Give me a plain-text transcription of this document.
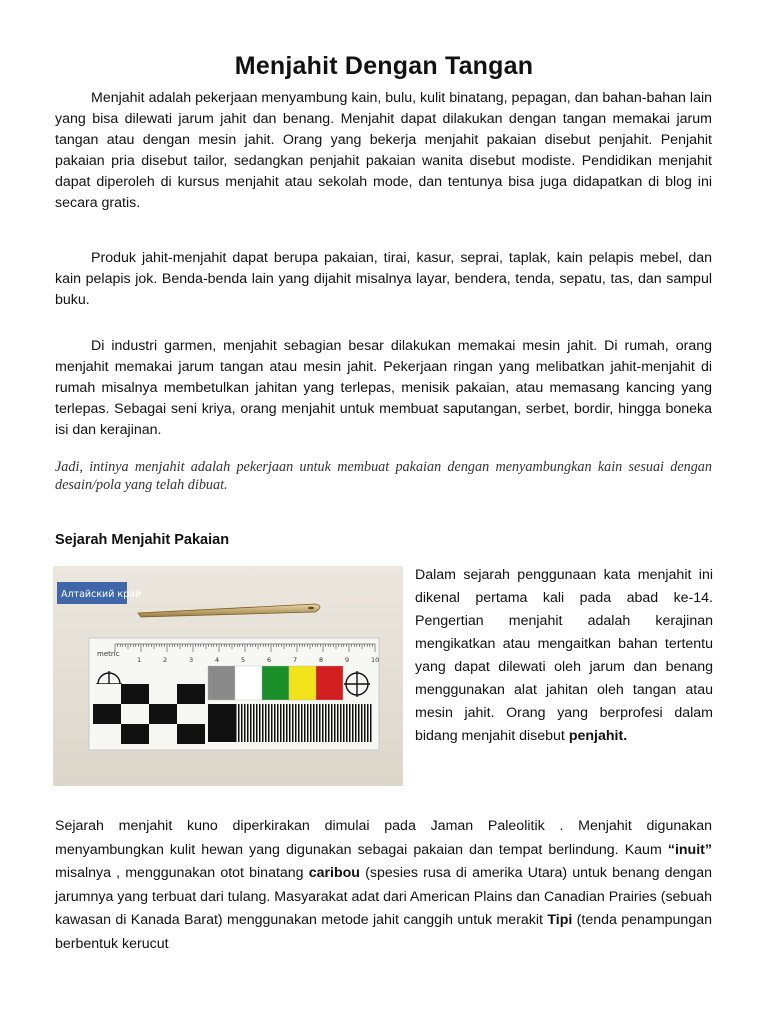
Menjahit Dengan Tangan

Menjahit adalah pekerjaan menyambung kain, bulu, kulit binatang, pepagan, dan bahan-bahan lain yang bisa dilewati jarum jahit dan benang. Menjahit dapat dilakukan dengan tangan memakai jarum tangan atau dengan mesin jahit. Orang yang bekerja menjahit pakaian disebut penjahit. Penjahit pakaian pria disebut tailor, sedangkan penjahit pakaian wanita disebut modiste. Pendidikan menjahit dapat diperoleh di kursus menjahit atau sekolah mode, dan tentunya bisa juga didapatkan di blog ini secara gratis.

Produk jahit-menjahit dapat berupa pakaian, tirai, kasur, seprai, taplak, kain pelapis mebel, dan kain pelapis jok. Benda-benda lain yang dijahit misalnya layar, bendera, tenda, sepatu, tas, dan sampul buku.

Di industri garmen, menjahit sebagian besar dilakukan memakai mesin jahit. Di rumah, orang menjahit memakai jarum tangan atau mesin jahit. Pekerjaan ringan yang melibatkan jahit-menjahit di rumah misalnya membetulkan jahitan yang terlepas, menisik pakaian, atau memasang kancing yang terlepas. Sebagai seni kriya, orang menjahit untuk membuat saputangan, serbet, bordir, hingga boneka isi dan kerajinan.

Jadi, intinya menjahit adalah pekerjaan untuk membuat pakaian dengan menyambungkan kain sesuai dengan desain/pola yang telah dibuat.

Sejarah Menjahit Pakaian
Алтайский край
metric
1	2	3	4	5	6	7	8	9	10

Dalam sejarah penggunaan kata menjahit ini dikenal pertama kali pada abad ke-14. Pengertian menjahit adalah kerajinan mengikatkan atau mengaitkan bahan tertentu yang dapat dilewati oleh jarum dan benang menggunakan alat jahitan oleh tangan atau mesin jahit. Orang yang berprofesi dalam bidang menjahit disebut penjahit.

Sejarah menjahit kuno diperkirakan dimulai pada Jaman Paleolitik . Menjahit digunakan menyambungkan kulit hewan yang digunakan sebagai pakaian dan tempat berlindung. Kaum “inuit” misalnya , menggunakan otot binatang caribou (spesies rusa di amerika Utara) untuk benang dengan jarumnya yang terbuat dari tulang. Masyarakat adat dari American Plains dan Canadian Prairies (sebuah kawasan di Kanada Barat) menggunakan metode jahit canggih untuk merakit Tipi (tenda penampungan berbentuk kerucut
